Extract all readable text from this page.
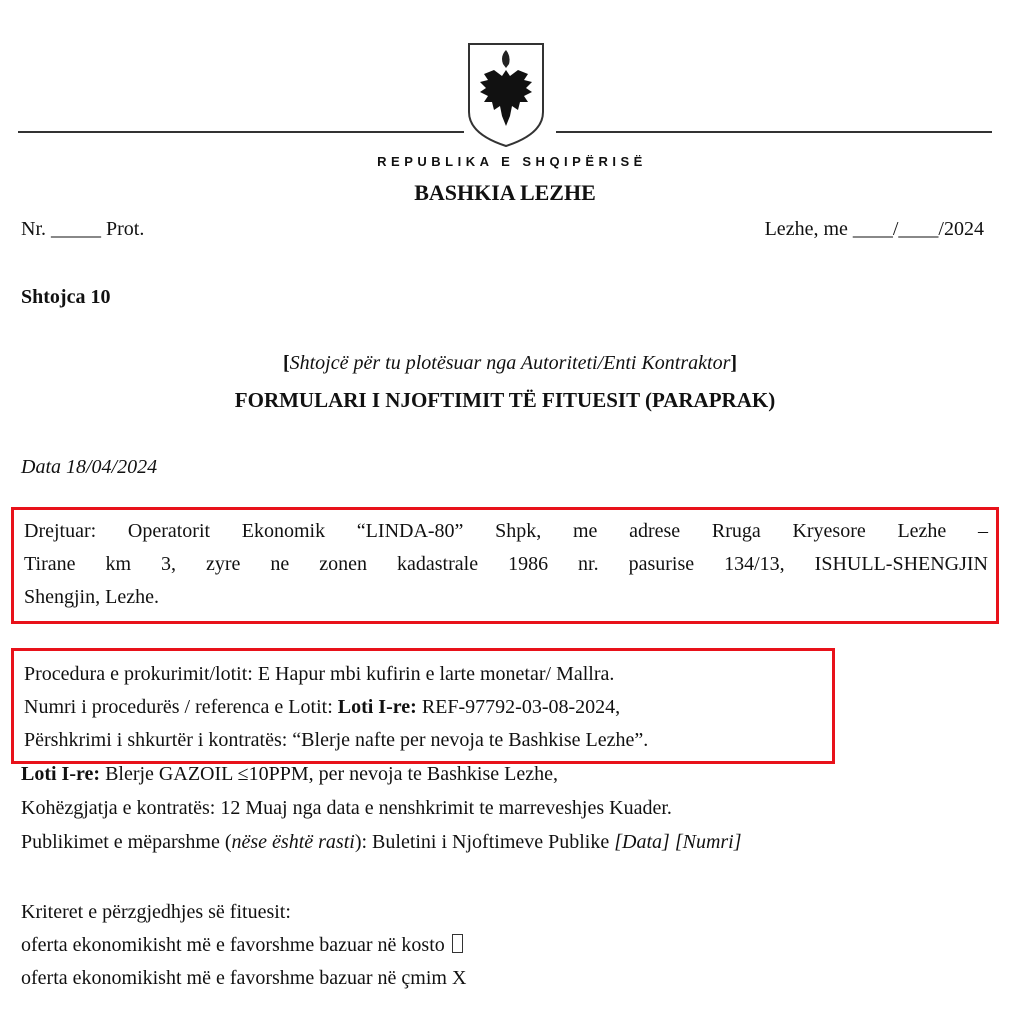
REPUBLIKA E SHQIPËRISË
BASHKIA LEZHE
Nr. _____ Prot.	Lezhe, me ____/____/2024
Shtojca 10
[Shtojcë për tu plotësuar nga Autoriteti/Enti Kontraktor]
FORMULARI I NJOFTIMIT TË FITUESIT (PARAPRAK)
Data 18/04/2024
Drejtuar: Operatorit Ekonomik “LINDA-80” Shpk, me adrese Rruga Kryesore Lezhe –
Tirane km 3, zyre ne zonen kadastrale 1986 nr. pasurise 134/13, ISHULL-SHENGJIN
Shengjin, Lezhe.
Procedura e prokurimit/lotit: E Hapur mbi kufirin e larte monetar/ Mallra.
Numri i procedurës / referenca e Lotit: Loti I-re: REF-97792-03-08-2024,
Përshkrimi i shkurtër i kontratës: “Blerje nafte per nevoja te Bashkise Lezhe”.
Loti I-re: Blerje GAZOIL ≤10PPM, per nevoja te Bashkise Lezhe,
Kohëzgjatja e kontratës: 12 Muaj nga data e nenshkrimit te marreveshjes Kuader.
Publikimet e mëparshme (nëse është rasti): Buletini i Njoftimeve Publike [Data] [Numri]
Kriteret e përzgjedhjes së fituesit:
oferta ekonomikisht më e favorshme bazuar në kosto
oferta ekonomikisht më e favorshme bazuar në çmim X
